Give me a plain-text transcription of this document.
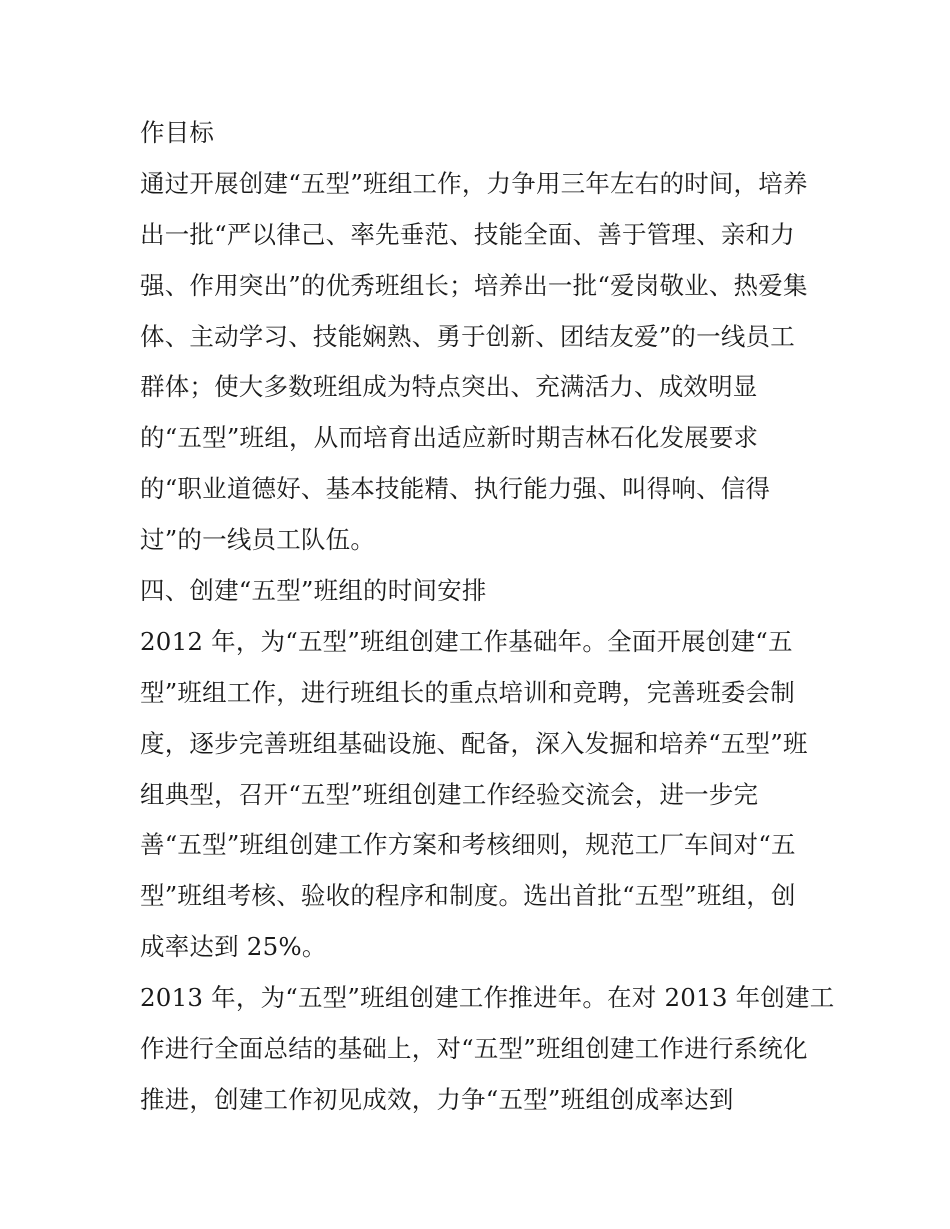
作目标
通过开展创建“五型”班组工作，力争用三年左右的时间，培养
出一批“严以律己、率先垂范、技能全面、善于管理、亲和力
强、作用突出”的优秀班组长；培养出一批“爱岗敬业、热爱集
体、主动学习、技能娴熟、勇于创新、团结友爱”的一线员工
群体；使大多数班组成为特点突出、充满活力、成效明显
的“五型”班组，从而培育出适应新时期吉林石化发展要求
的“职业道德好、基本技能精、执行能力强、叫得响、信得
过”的一线员工队伍。
四、创建“五型”班组的时间安排
2012 年，为“五型”班组创建工作基础年。全面开展创建“五
型”班组工作，进行班组长的重点培训和竞聘，完善班委会制
度，逐步完善班组基础设施、配备，深入发掘和培养“五型”班
组典型，召开“五型”班组创建工作经验交流会，进一步完
善“五型”班组创建工作方案和考核细则，规范工厂车间对“五
型”班组考核、验收的程序和制度。选出首批“五型”班组，创
成率达到 25%。
2013 年，为“五型”班组创建工作推进年。在对 2013 年创建工
作进行全面总结的基础上，对“五型”班组创建工作进行系统化
推进，创建工作初见成效，力争“五型”班组创成率达到
